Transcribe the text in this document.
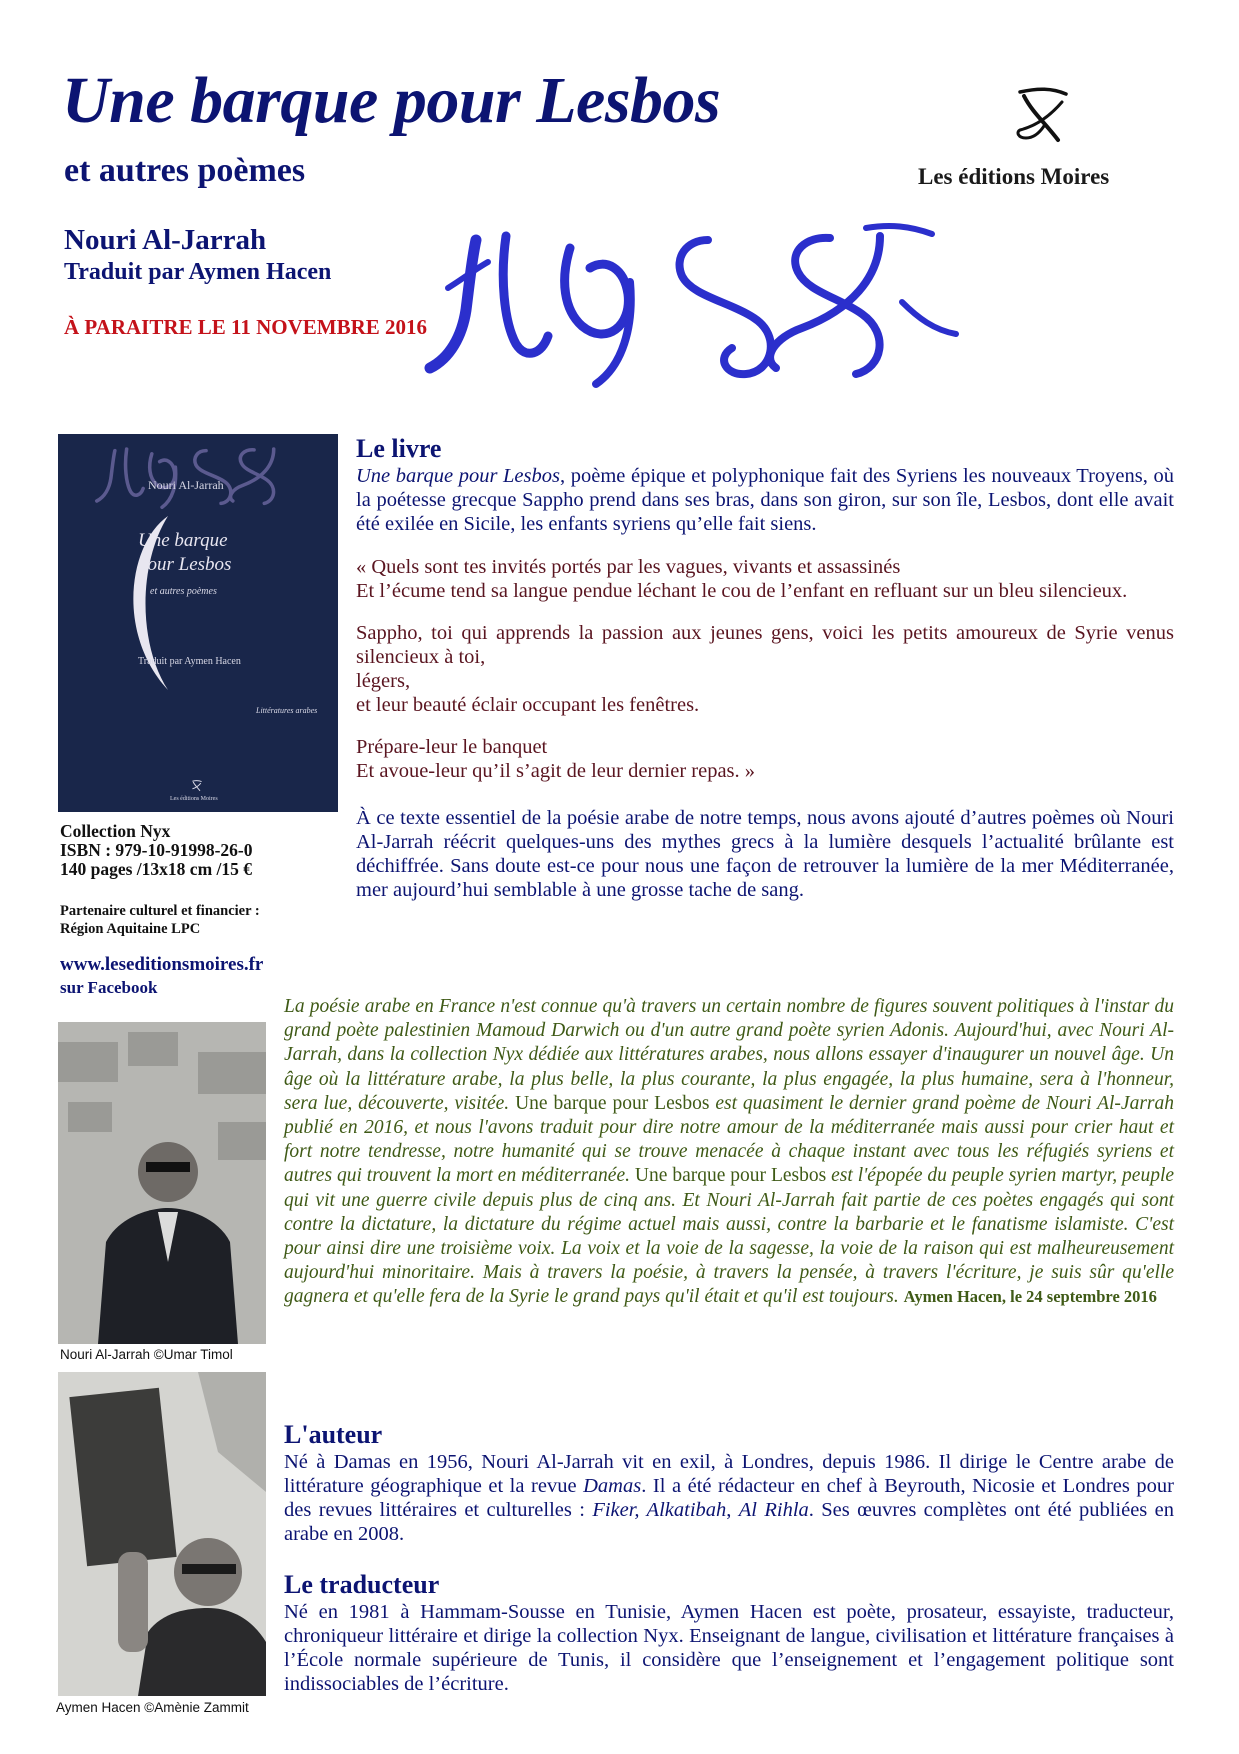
Une barque pour Lesbos
et autres poèmes
Nouri Al-Jarrah
Traduit par Aymen Hacen
À PARAITRE LE 11 NOVEMBRE 2016
Les éditions Moires
Nouri Al-Jarrah
Une barque
pour Lesbos
et autres poèmes
Traduit par Aymen Hacen
Littératures arabes
Les éditions Moires
Collection Nyx
ISBN : 979-10-91998-26-0
140 pages /13x18 cm /15 €
Partenaire culturel et financier :
Région Aquitaine LPC
www.leseditionsmoires.fr
sur Facebook
Le livre
Une barque pour Lesbos, poème épique et polyphonique fait des Syriens les nouveaux Troyens, où la poétesse grecque Sappho prend dans ses bras, dans son giron, sur son île, Lesbos, dont elle avait été exilée en Sicile, les enfants syriens qu’elle fait siens.

« Quels sont tes invités portés par les vagues, vivants et assassinés

Et l’écume tend sa langue pendue léchant le cou de l’enfant en refluant sur un bleu silencieux.

Sappho, toi qui apprends la passion aux jeunes gens, voici les petits amoureux de Syrie venus silencieux à toi,

légers,

et leur beauté éclair occupant les fenêtres.

Prépare-leur le banquet

Et avoue-leur qu’il s’agit de leur dernier repas. »

À ce texte essentiel de la poésie arabe de notre temps, nous avons ajouté d’autres poèmes où Nouri Al-Jarrah réécrit quelques-uns des mythes grecs à la lumière desquels l’actualité brûlante est déchiffrée. Sans doute est-ce pour nous une façon de retrouver la lumière de la mer Méditerranée, mer aujourd’hui semblable à une grosse tache de sang.
Nouri Al-Jarrah ©Umar Timol
La poésie arabe en France n'est connue qu'à travers un certain nombre de figures souvent politiques à l'instar du grand poète palestinien Mamoud Darwich ou d'un autre grand poète syrien Adonis. Aujourd'hui, avec Nouri Al-Jarrah, dans la collection Nyx dédiée aux littératures arabes, nous allons essayer d'inaugurer un nouvel âge. Un âge où la littérature arabe, la plus belle, la plus courante, la plus engagée, la plus humaine, sera à l'honneur, sera lue, découverte, visitée. Une barque pour Lesbos est quasiment le dernier grand poème de Nouri Al-Jarrah publié en 2016, et nous l'avons traduit pour dire notre amour de la méditerranée mais aussi pour crier haut et fort notre tendresse, notre humanité qui se trouve menacée à chaque instant avec tous les réfugiés syriens et autres qui trouvent la mort en méditerranée. Une barque pour Lesbos est l'épopée du peuple syrien martyr, peuple qui vit une guerre civile depuis plus de cinq ans. Et Nouri Al-Jarrah fait partie de ces poètes engagés qui sont contre la dictature, la dictature du régime actuel mais aussi, contre la barbarie et le fanatisme islamiste. C'est pour ainsi dire une troisième voix. La voix et la voie de la sagesse, la voie de la raison qui est malheureusement aujourd'hui minoritaire. Mais à travers la poésie, à travers la pensée, à travers l'écriture, je suis sûr qu'elle gagnera et qu'elle fera de la Syrie le grand pays qu'il était et qu'il est toujours. Aymen Hacen, le 24 septembre 2016
Aymen Hacen ©Amènie Zammit
L'auteur
Né à Damas en 1956, Nouri Al-Jarrah vit en exil, à Londres, depuis 1986. Il dirige le Centre arabe de littérature géographique et la revue Damas. Il a été rédacteur en chef à Beyrouth, Nicosie et Londres pour des revues littéraires et culturelles : Fiker, Alkatibah, Al Rihla. Ses œuvres complètes ont été publiées en arabe en 2008.
Le traducteur
Né en 1981 à Hammam-Sousse en Tunisie, Aymen Hacen est poète, prosateur, essayiste, traducteur, chroniqueur littéraire et dirige la collection Nyx. Enseignant de langue, civilisation et littérature françaises à l’École normale supérieure de Tunis, il considère que l’enseignement et l’engagement politique sont indissociables de l’écriture.
